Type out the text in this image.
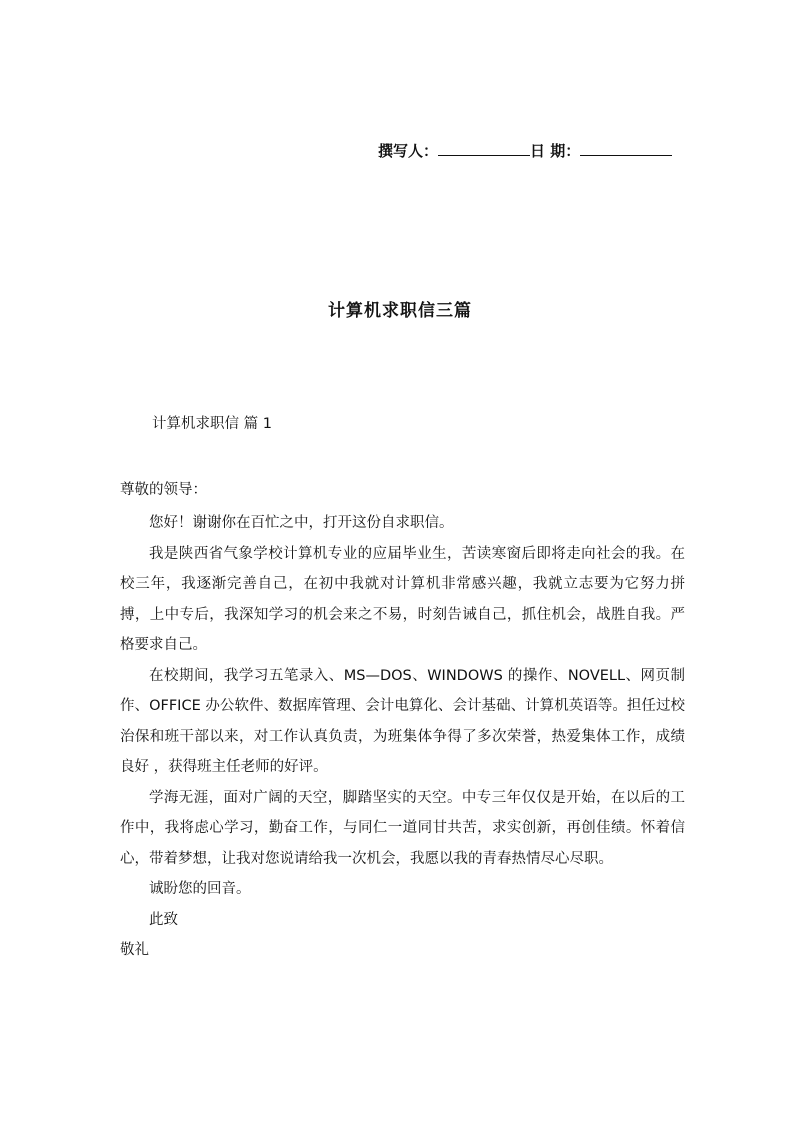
撰写人：	日 期：
计算机求职信三篇
计算机求职信 篇 1
尊敬的领导：

您好！谢谢你在百忙之中，打开这份自求职信。

我是陕西省气象学校计算机专业的应届毕业生，苦读寒窗后即将走向社会的我。在校三年，我逐渐完善自己，在初中我就对计算机非常感兴趣，我就立志要为它努力拼搏，上中专后，我深知学习的机会来之不易，时刻告诫自己，抓住机会，战胜自我。严格要求自己。

在校期间，我学习五笔录入、MS—DOS、WINDOWS 的操作、NOVELL、网页制作、OFFICE 办公软件、数据库管理、会计电算化、会计基础、计算机英语等。担任过校治保和班干部以来，对工作认真负责，为班集体争得了多次荣誉，热爱集体工作，成绩良好 ，获得班主任老师的好评。

学海无涯，面对广阔的天空，脚踏坚实的天空。中专三年仅仅是开始，在以后的工作中，我将虑心学习，勤奋工作，与同仁一道同甘共苦，求实创新，再创佳绩。怀着信心，带着梦想，让我对您说请给我一次机会，我愿以我的青春热情尽心尽职。

诚盼您的回音。

此致

敬礼
